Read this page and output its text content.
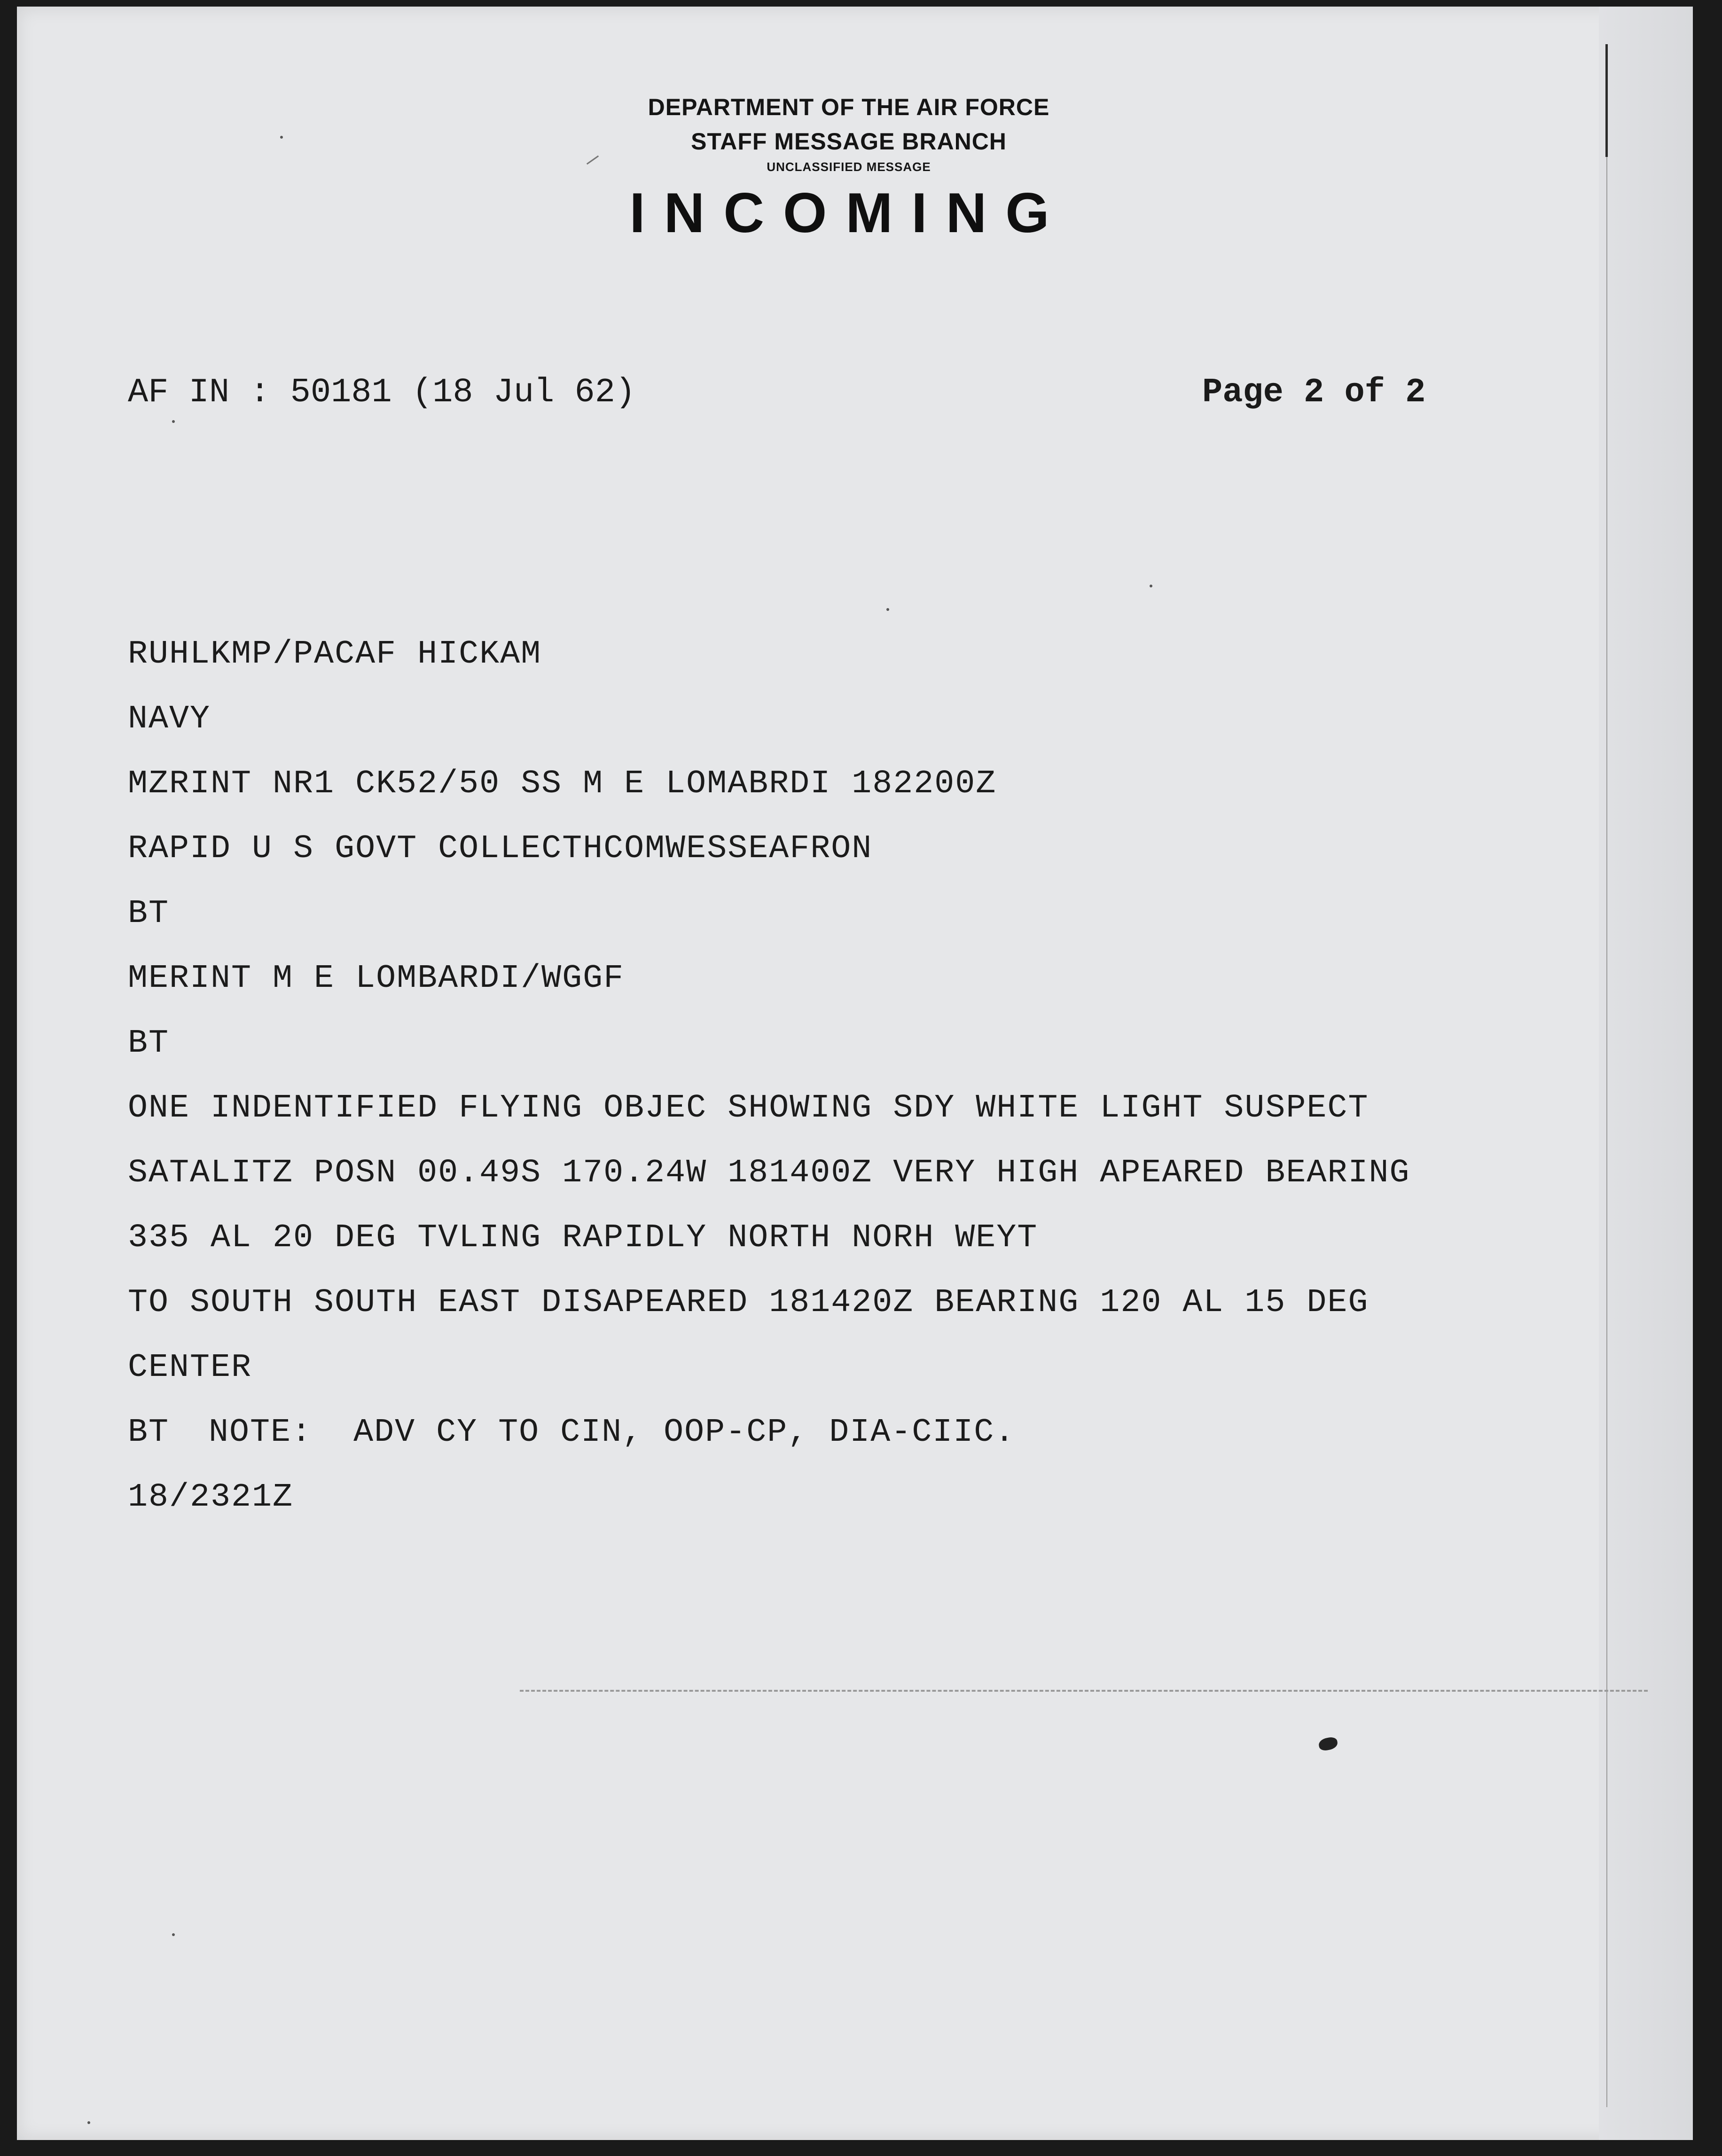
DEPARTMENT OF THE AIR FORCE
STAFF MESSAGE BRANCH
UNCLASSIFIED MESSAGE
INCOMING
AF IN : 50181 (18 Jul 62)	Page 2 of 2
RUHLKMP/PACAF HICKAM
NAVY
MZRINT NR1 CK52/50 SS M E LOMABRDI 182200Z
RAPID U S GOVT COLLECTHCOMWESSEAFRON
BT
MERINT M E LOMBARDI/WGGF
BT
ONE INDENTIFIED FLYING OBJEC SHOWING SDY WHITE LIGHT SUSPECT
SATALITZ POSN 00.49S 170.24W 181400Z VERY HIGH APEARED BEARING
335 AL 20 DEG TVLING RAPIDLY NORTH NORH WEYT
TO SOUTH SOUTH EAST DISAPEARED 181420Z BEARING 120 AL 15 DEG
CENTER
BT NOTE:  ADV CY TO CIN, OOP-CP, DIA-CIIC.
18/2321Z
